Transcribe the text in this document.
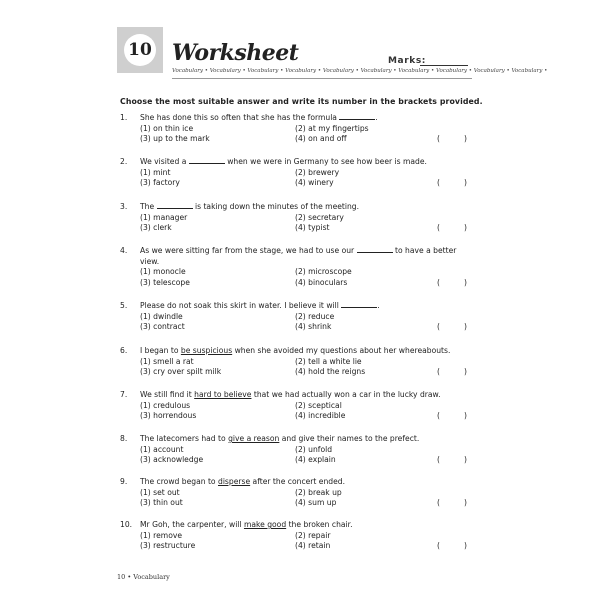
10 Worksheet	Marks:
Vocabulary • Vocabulary • Vocabulary • Vocabulary • Vocabulary • Vocabulary • Vocabulary • Vocabulary • Vocabulary • Vocabulary •
Choose the most suitable answer and write its number in the brackets provided.
1. She has done this so often that she has the formula	.
(1) on thin ice	(2) at my fingertips
(3) up to the mark	(4) on and off	(	)
2. We visited a	when we were in Germany to see how beer is made.
(1) mint	(2) brewery
(3) factory	(4) winery	(	)
3. The	is taking down the minutes of the meeting.
(1) manager	(2) secretary
(3) clerk	(4) typist	(	)
4. As we were sitting far from the stage, we had to use our	to have a better
view.
(1) monocle	(2) microscope
(3) telescope	(4) binoculars	(	)
5. Please do not soak this skirt in water. I believe it will	.
(1) dwindle	(2) reduce
(3) contract	(4) shrink	(	)
6. I began to be suspicious when she avoided my questions about her whereabouts.
(1) smell a rat	(2) tell a white lie
(3) cry over spilt milk	(4) hold the reigns	(	)
7. We still find it hard to believe that we had actually won a car in the lucky draw.
(1) credulous	(2) sceptical
(3) horrendous	(4) incredible	(	)
8. The latecomers had to give a reason and give their names to the prefect.
(1) account	(2) unfold
(3) acknowledge	(4) explain	(	)
9. The crowd began to disperse after the concert ended.
(1) set out	(2) break up
(3) thin out	(4) sum up	(	)
10. Mr Goh, the carpenter, will make good the broken chair.
(1) remove	(2) repair
(3) restructure	(4) retain	(	)
10 • Vocabulary
